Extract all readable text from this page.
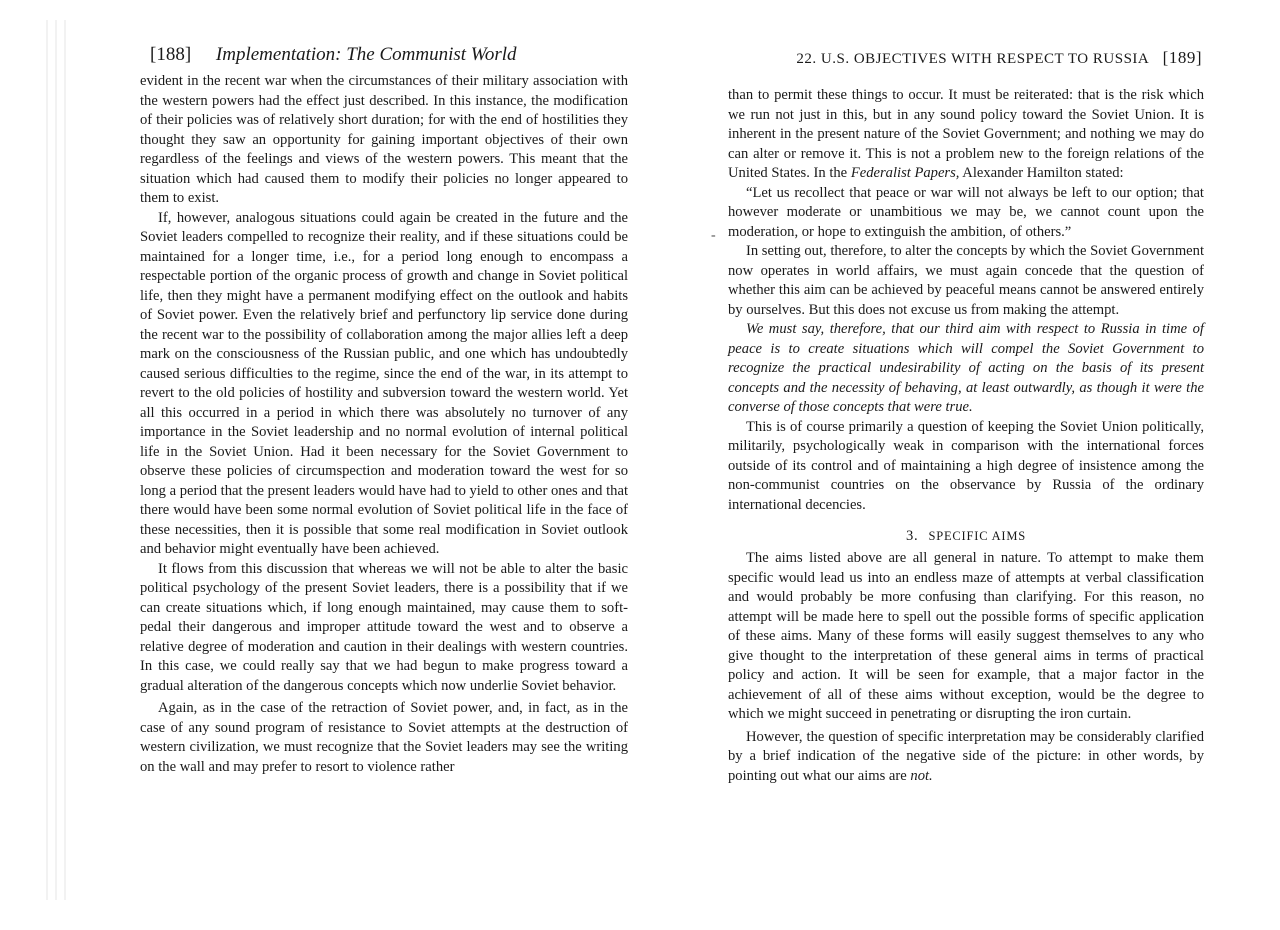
[188] Implementation: The Communist World	22. U.S. OBJECTIVES WITH RESPECT TO RUSSIA [189]

evident in the recent war when the circumstances of their military association with the western powers had the effect just described. In this instance, the modification of their policies was of relatively short duration; for with the end of hostilities they thought they saw an opportunity for gaining important objectives of their own regardless of the feelings and views of the western powers. This meant that the situation which had caused them to modify their policies no longer appeared to them to exist.

If, however, analogous situations could again be created in the future and the Soviet leaders compelled to recognize their reality, and if these situations could be maintained for a longer time, i.e., for a period long enough to encompass a respectable portion of the organic process of growth and change in Soviet political life, then they might have a permanent modifying effect on the outlook and habits of Soviet power. Even the relatively brief and perfunctory lip service done during the recent war to the possibility of collaboration among the major allies left a deep mark on the consciousness of the Russian public, and one which has undoubtedly caused serious difficulties to the regime, since the end of the war, in its attempt to revert to the old policies of hostility and subversion toward the western world. Yet all this occurred in a period in which there was absolutely no turnover of any importance in the Soviet leadership and no normal evolution of internal political life in the Soviet Union. Had it been necessary for the Soviet Government to observe these policies of circumspection and moderation toward the west for so long a period that the present leaders would have had to yield to other ones and that there would have been some normal evolution of Soviet political life in the face of these necessities, then it is possible that some real modification in Soviet outlook and behavior might eventually have been achieved.

It flows from this discussion that whereas we will not be able to alter the basic political psychology of the present Soviet leaders, there is a possibility that if we can create situations which, if long enough maintained, may cause them to soft-pedal their dangerous and improper attitude toward the west and to observe a relative degree of moderation and caution in their dealings with western countries. In this case, we could really say that we had begun to make progress toward a gradual alteration of the dangerous concepts which now underlie Soviet behavior.

Again, as in the case of the retraction of Soviet power, and, in fact, as in the case of any sound program of resistance to Soviet attempts at the destruction of western civilization, we must recognize that the Soviet leaders may see the writing on the wall and may prefer to resort to violence rather

-

than to permit these things to occur. It must be reiterated: that is the risk which we run not just in this, but in any sound policy toward the Soviet Union. It is inherent in the present nature of the Soviet Government; and nothing we may do can alter or remove it. This is not a problem new to the foreign relations of the United States. In the Federalist Papers, Alexander Hamilton stated:

“Let us recollect that peace or war will not always be left to our option; that however moderate or unambitious we may be, we cannot count upon the moderation, or hope to extinguish the ambition, of others.”

In setting out, therefore, to alter the concepts by which the Soviet Government now operates in world affairs, we must again concede that the question of whether this aim can be achieved by peaceful means cannot be answered entirely by ourselves. But this does not excuse us from making the attempt.

We must say, therefore, that our third aim with respect to Russia in time of peace is to create situations which will compel the Soviet Government to recognize the practical undesirability of acting on the basis of its present concepts and the necessity of behaving, at least outwardly, as though it were the converse of those concepts that were true.

This is of course primarily a question of keeping the Soviet Union politically, militarily, psychologically weak in comparison with the international forces outside of its control and of maintaining a high degree of insistence among the non-communist countries on the observance by Russia of the ordinary international decencies.

3. SPECIFIC AIMS

The aims listed above are all general in nature. To attempt to make them specific would lead us into an endless maze of attempts at verbal classification and would probably be more confusing than clarifying. For this reason, no attempt will be made here to spell out the possible forms of specific application of these aims. Many of these forms will easily suggest themselves to any who give thought to the interpretation of these general aims in terms of practical policy and action. It will be seen for example, that a major factor in the achievement of all of these aims without exception, would be the degree to which we might succeed in penetrating or disrupting the iron curtain.

However, the question of specific interpretation may be considerably clarified by a brief indication of the negative side of the picture: in other words, by pointing out what our aims are not.
